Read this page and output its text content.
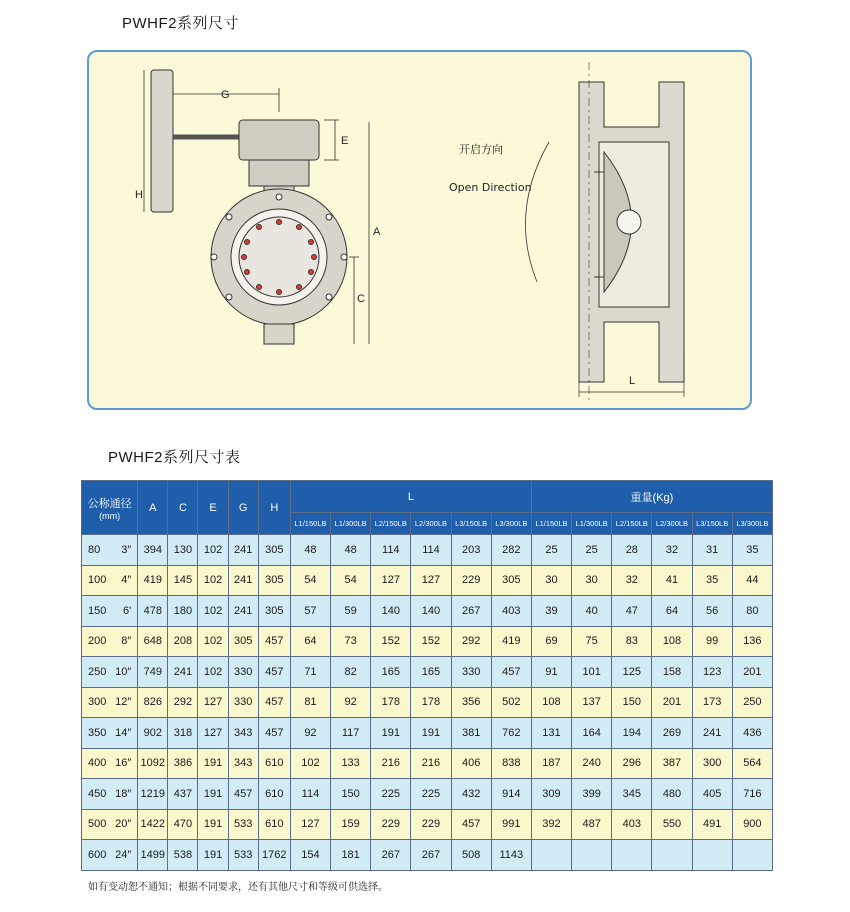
PWHF2系列尺寸
G
E
H
A
C
开启方向
Open Direction
L
PWHF2系列尺寸表
公称通径
(mm)	A	C	E	G	H	L						重量(Kg)					
						L1/150LB	L1/300LB	L2/150LB	L2/300LB	L3/150LB	L3/300LB	L1/150LB	L1/300LB	L2/150LB	L2/300LB	L3/150LB	L3/300LB

80 3″	394	130	102	241	305	48	48	114	114	203	282	25	25	28	32	31	35

100 4″	419	145	102	241	305	54	54	127	127	229	305	30	30	32	41	35	44

150 6'	478	180	102	241	305	57	59	140	140	267	403	39	40	47	64	56	80

200 8″	648	208	102	305	457	64	73	152	152	292	419	69	75	83	108	99	136

250 10″	749	241	102	330	457	71	82	165	165	330	457	91	101	125	158	123	201

300 12″	826	292	127	330	457	81	92	178	178	356	502	108	137	150	201	173	250

350 14″	902	318	127	343	457	92	117	191	191	381	762	131	164	194	269	241	436

400 16″	1092	386	191	343	610	102	133	216	216	406	838	187	240	296	387	300	564

450 18″	1219	437	191	457	610	114	150	225	225	432	914	309	399	345	480	405	716

500 20″	1422	470	191	533	610	127	159	229	229	457	991	392	487	403	550	491	900

600 24″	1499	538	191	533	1762	154	181	267	267	508	1143						
如有变动恕不通知；根据不同要求，还有其他尺寸和等级可供选择。
